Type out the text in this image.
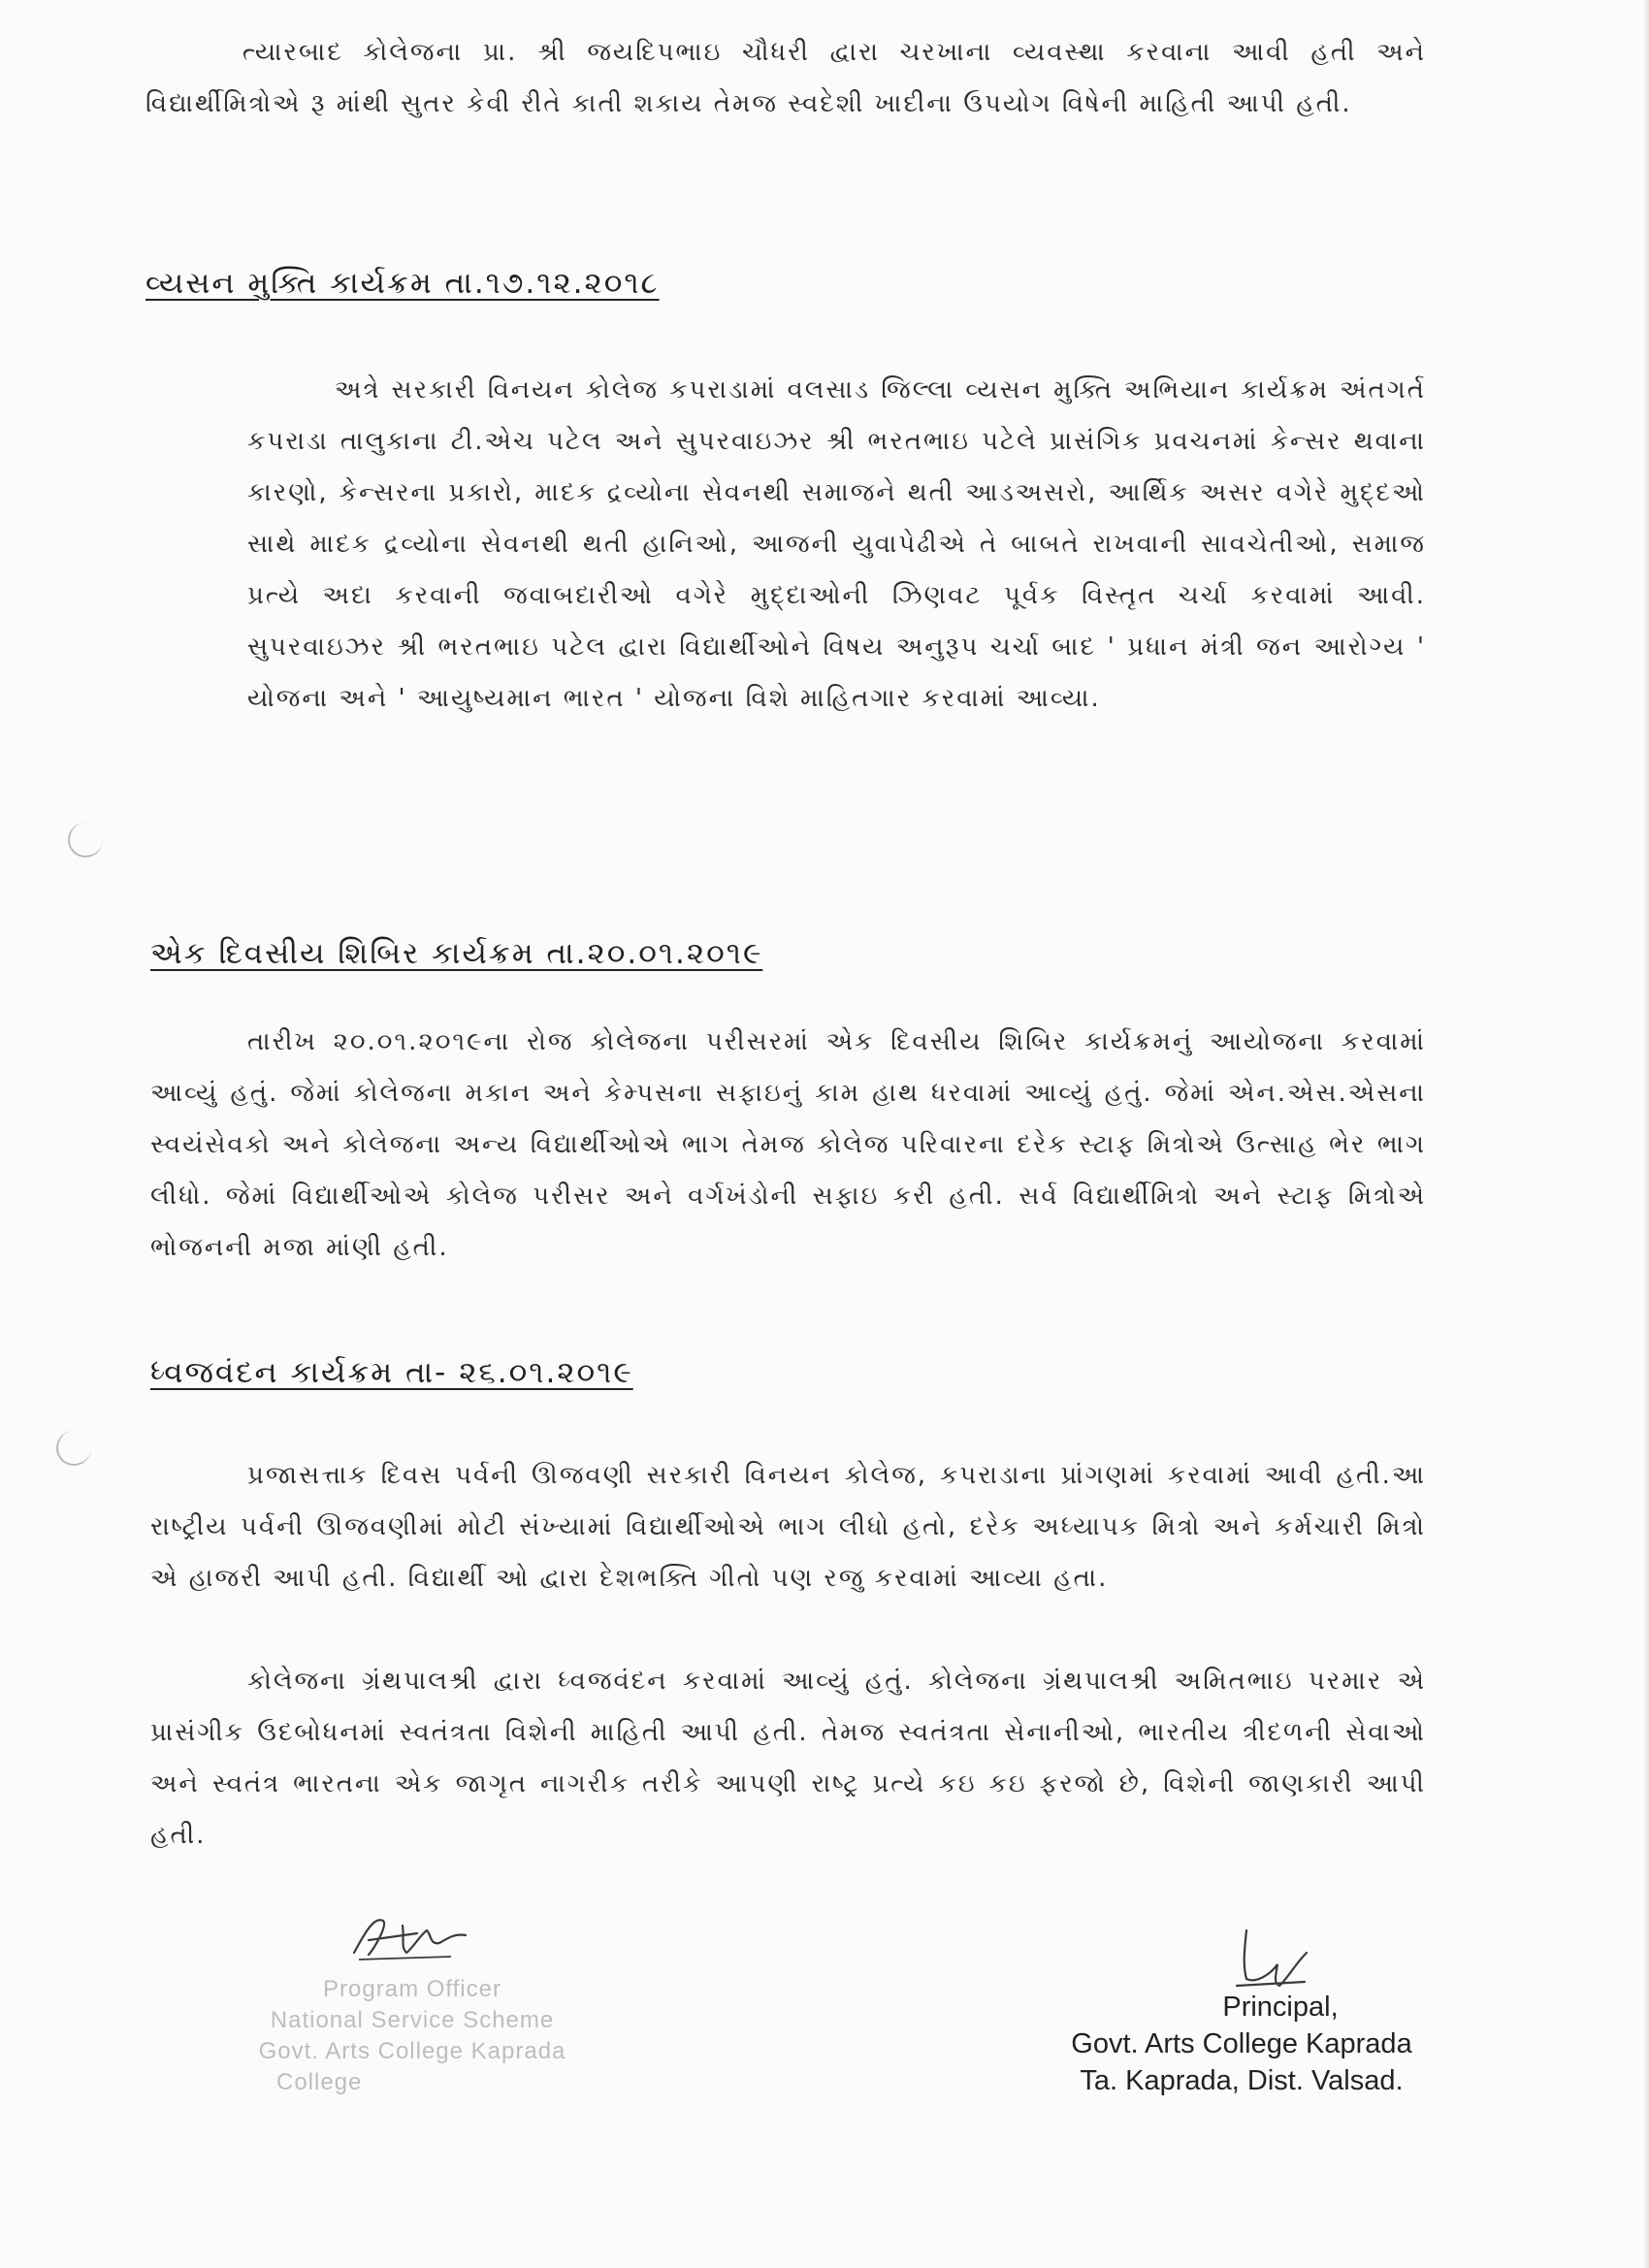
ત્યારબાદ કોલેજના પ્રા. શ્રી જયદિપભાઇ ચૌધરી દ્વારા ચરખાના વ્યવસ્થા કરવાના આવી હતી અને વિદ્યાર્થીમિત્રોએ રૂ માંથી સુતર કેવી રીતે કાતી શકાય તેમજ સ્વદેશી ખાદીના ઉપયોગ વિષેની માહિતી આપી હતી.
વ્યસન મુક્તિ કાર્યક્રમ તા.૧૭.૧૨.૨૦૧૮
અત્રે સરકારી વિનયન કોલેજ કપરાડામાં વલસાડ જિલ્લા વ્યસન મુક્તિ અભિયાન કાર્યક્રમ અંતગર્ત કપરાડા તાલુકાના ટી.એચ પટેલ અને સુપરવાઇઝર શ્રી ભરતભાઇ પટેલે પ્રાસંગિક પ્રવચનમાં કેન્સર થવાના કારણો, કેન્સરના પ્રકારો, માદક દ્રવ્યોના સેવનથી સમાજને થતી આડઅસરો, આર્થિક અસર વગેરે મુદ્દઓ સાથે માદક દ્રવ્યોના સેવનથી થતી હાનિઓ, આજની યુવાપેઢીએ તે બાબતે રાખવાની સાવચેતીઓ, સમાજ પ્રત્યે અદા કરવાની જવાબદારીઓ વગેરે મુદ્દાઓની ઝિણવટ પૂર્વક વિસ્તૃત ચર્ચા કરવામાં આવી. સુપરવાઇઝર શ્રી ભરતભાઇ પટેલ દ્વારા વિદ્યાર્થીઓને વિષય અનુરૂપ ચર્ચા બાદ ' પ્રધાન મંત્રી જન આરોગ્ય ' યોજના અને ' આયુષ્યમાન ભારત ' યોજના વિશે માહિતગાર કરવામાં આવ્યા.
એક દિવસીય શિબિર કાર્યક્રમ તા.૨૦.૦૧.૨૦૧૯
તારીખ ૨૦.૦૧.૨૦૧૯ના રોજ કોલેજના પરીસરમાં એક દિવસીય શિબિર કાર્યક્રમનું આયોજના કરવામાં આવ્યું હતું. જેમાં કોલેજના મકાન અને કેમ્પસના સફાઇનું કામ હાથ ધરવામાં આવ્યું હતું. જેમાં એન.એસ.એસના સ્વયંસેવકો અને કોલેજના અન્ય વિદ્યાર્થીઓએ ભાગ તેમજ કોલેજ પરિવારના દરેક સ્ટાફ મિત્રોએ ઉત્સાહ ભેર ભાગ લીધો. જેમાં વિદ્યાર્થીઓએ કોલેજ પરીસર અને વર્ગખંડોની સફાઇ કરી હતી. સર્વ વિદ્યાર્થીમિત્રો અને સ્ટાફ મિત્રોએ ભોજનની મજા માંણી હતી.
ધ્વજવંદન કાર્યક્રમ તા- ૨૬.૦૧.૨૦૧૯
પ્રજાસત્તાક દિવસ પર્વની ઊજવણી સરકારી વિનયન કોલેજ, કપરાડાના પ્રાંગણમાં કરવામાં આવી હતી.આ રાષ્ટ્રીય પર્વની ઊજવણીમાં મોટી સંખ્યામાં વિદ્યાર્થીઓએ ભાગ લીધો હતો, દરેક અધ્યાપક મિત્રો અને કર્મચારી મિત્રો એ હાજરી આપી હતી. વિદ્યાર્થી ઓ દ્વારા દેશભક્તિ ગીતો પણ રજુ કરવામાં આવ્યા હતા.
કોલેજના ગ્રંથપાલશ્રી દ્વારા ધ્વજવંદન કરવામાં આવ્યું હતું. કોલેજના ગ્રંથપાલશ્રી અમિતભાઇ પરમાર એ પ્રાસંગીક ઉદબોધનમાં સ્વતંત્રતા વિશેની માહિતી આપી હતી. તેમજ સ્વતંત્રતા સેનાનીઓ, ભારતીય ત્રીદળની સેવાઓ અને સ્વતંત્ર ભારતના એક જાગૃત નાગરીક તરીકે આપણી રાષ્ટ્ર પ્રત્યે કઇ કઇ ફરજો છે, વિશેની જાણકારી આપી હતી.
Program Officer
National Service Scheme
Govt. Arts College Kaprada
College
Principal,
Govt. Arts College Kaprada
Ta. Kaprada, Dist. Valsad.
